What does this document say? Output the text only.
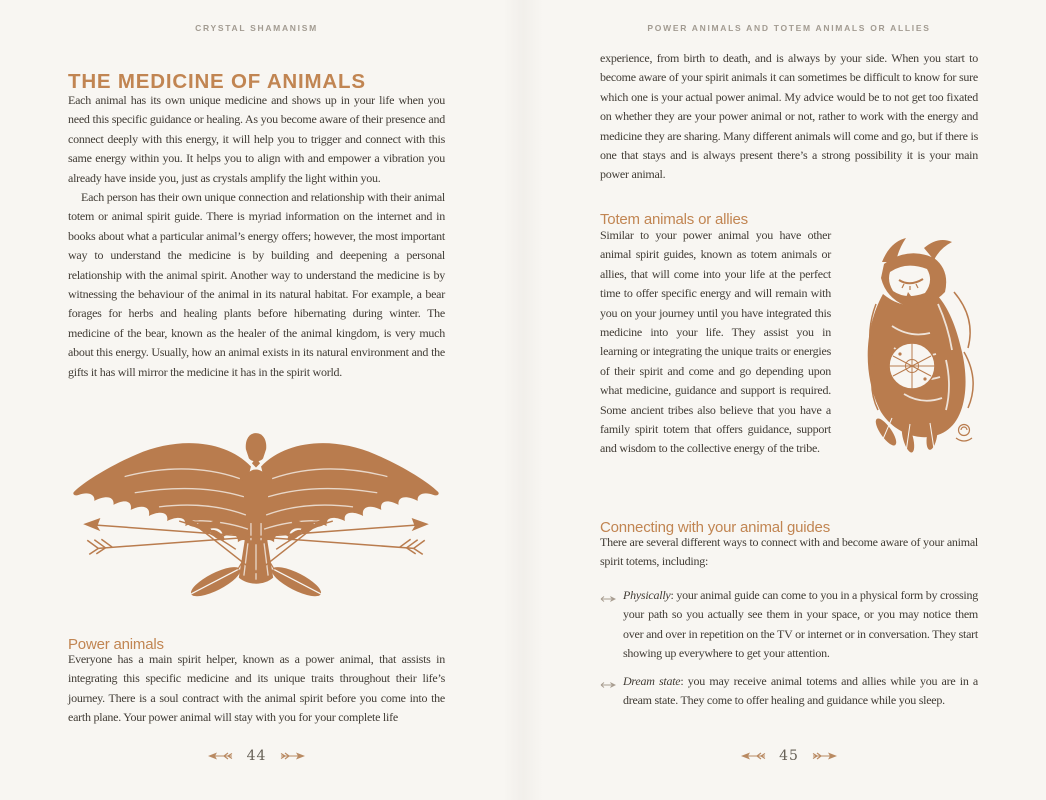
CRYSTAL SHAMANISM
THE MEDICINE OF ANIMALS

Each animal has its own unique medicine and shows up in your life when you need this specific guidance or healing. As you become aware of their presence and connect deeply with this energy, it will help you to trigger and connect with this same energy within you. It helps you to align with and empower a vibration you already have inside you, just as crystals amplify the light within you.

Each person has their own unique connection and relationship with their animal totem or animal spirit guide. There is myriad information on the internet and in books about what a particular animal’s energy offers; however, the most important way to understand the medicine is by building and deepening a personal relationship with the animal spirit. Another way to understand the medicine is by witnessing the behaviour of the animal in its natural habitat. For example, a bear forages for herbs and healing plants before hibernating during winter. The medicine of the bear, known as the healer of the animal kingdom, is very much about this energy. Usually, how an animal exists in its natural environment and the gifts it has will mirror the medicine it has in the spirit world.

Power animals
Everyone has a main spirit helper, known as a power animal, that assists in integrating this specific medicine and its unique traits throughout their life’s journey. There is a soul contract with the animal spirit before you come into the earth plane. Your power animal will stay with you for your complete life
44
POWER ANIMALS AND TOTEM ANIMALS OR ALLIES
experience, from birth to death, and is always by your side. When you start to become aware of your spirit animals it can sometimes be difficult to know for sure which one is your actual power animal. My advice would be to not get too fixated on whether they are your power animal or not, rather to work with the energy and medicine they are sharing. Many different animals will come and go, but if there is one that stays and is always present there’s a strong possibility it is your main power animal.
Totem animals or allies
Similar to your power animal you have other animal spirit guides, known as totem animals or allies, that will come into your life at the perfect time to offer specific energy and will remain with you on your journey until you have integrated this medicine into your life. They assist you in learning or integrating the unique traits or energies of their spirit and come and go depending upon what medicine, guidance and support is required. Some ancient tribes also believe that you have a family spirit totem that offers guidance, support and wisdom to the collective energy of the tribe.
Connecting with your animal guides
There are several different ways to connect with and become aware of your animal spirit totems, including:
Physically: your animal guide can come to you in a physical form by crossing your path so you actually see them in your space, or you may notice them over and over in repetition on the TV or internet or in conversation. They start showing up everywhere to get your attention.
Dream state: you may receive animal totems and allies while you are in a dream state. They come to offer healing and guidance while you sleep.
45
